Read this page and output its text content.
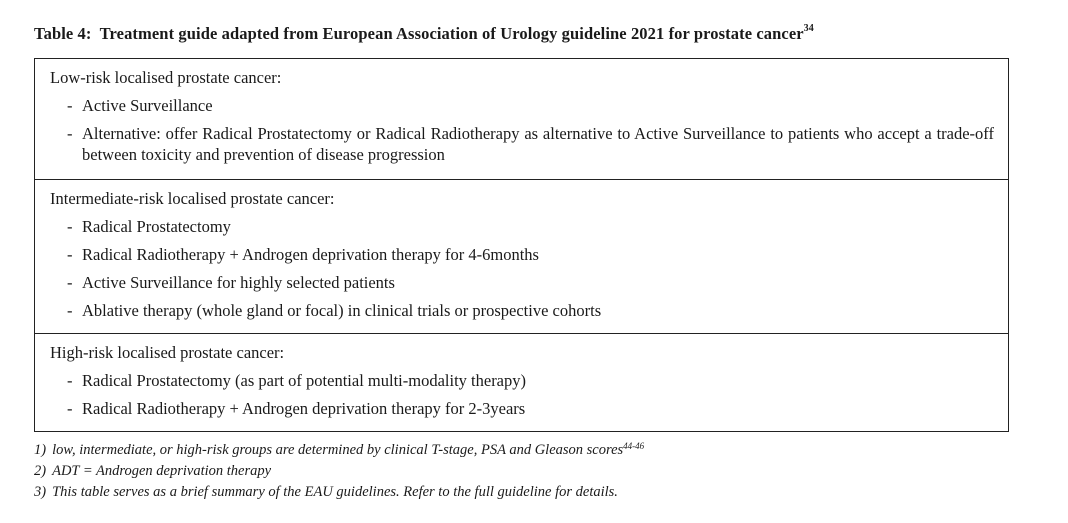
Table 4: Treatment guide adapted from European Association of Urology guideline 2021 for prostate cancer$^{34}$
Low-risk localised prostate cancer:
- Active Surveillance
- Alternative: offer Radical Prostatectomy or Radical Radiotherapy as alternative to Active Surveillance to patients who accept a trade-off between toxicity and prevention of disease progression
Intermediate-risk localised prostate cancer:
- Radical Prostatectomy
- Radical Radiotherapy + Androgen deprivation therapy for 4-6months
- Active Surveillance for highly selected patients
- Ablative therapy (whole gland or focal) in clinical trials or prospective cohorts
High-risk localised prostate cancer:
- Radical Prostatectomy (as part of potential multi-modality therapy)
- Radical Radiotherapy + Androgen deprivation therapy for 2-3years
1) low, intermediate, or high-risk groups are determined by clinical T-stage, PSA and Gleason scores$^{44-46}$
2) ADT = Androgen deprivation therapy
3) This table serves as a brief summary of the EAU guidelines. Refer to the full guideline for details.
